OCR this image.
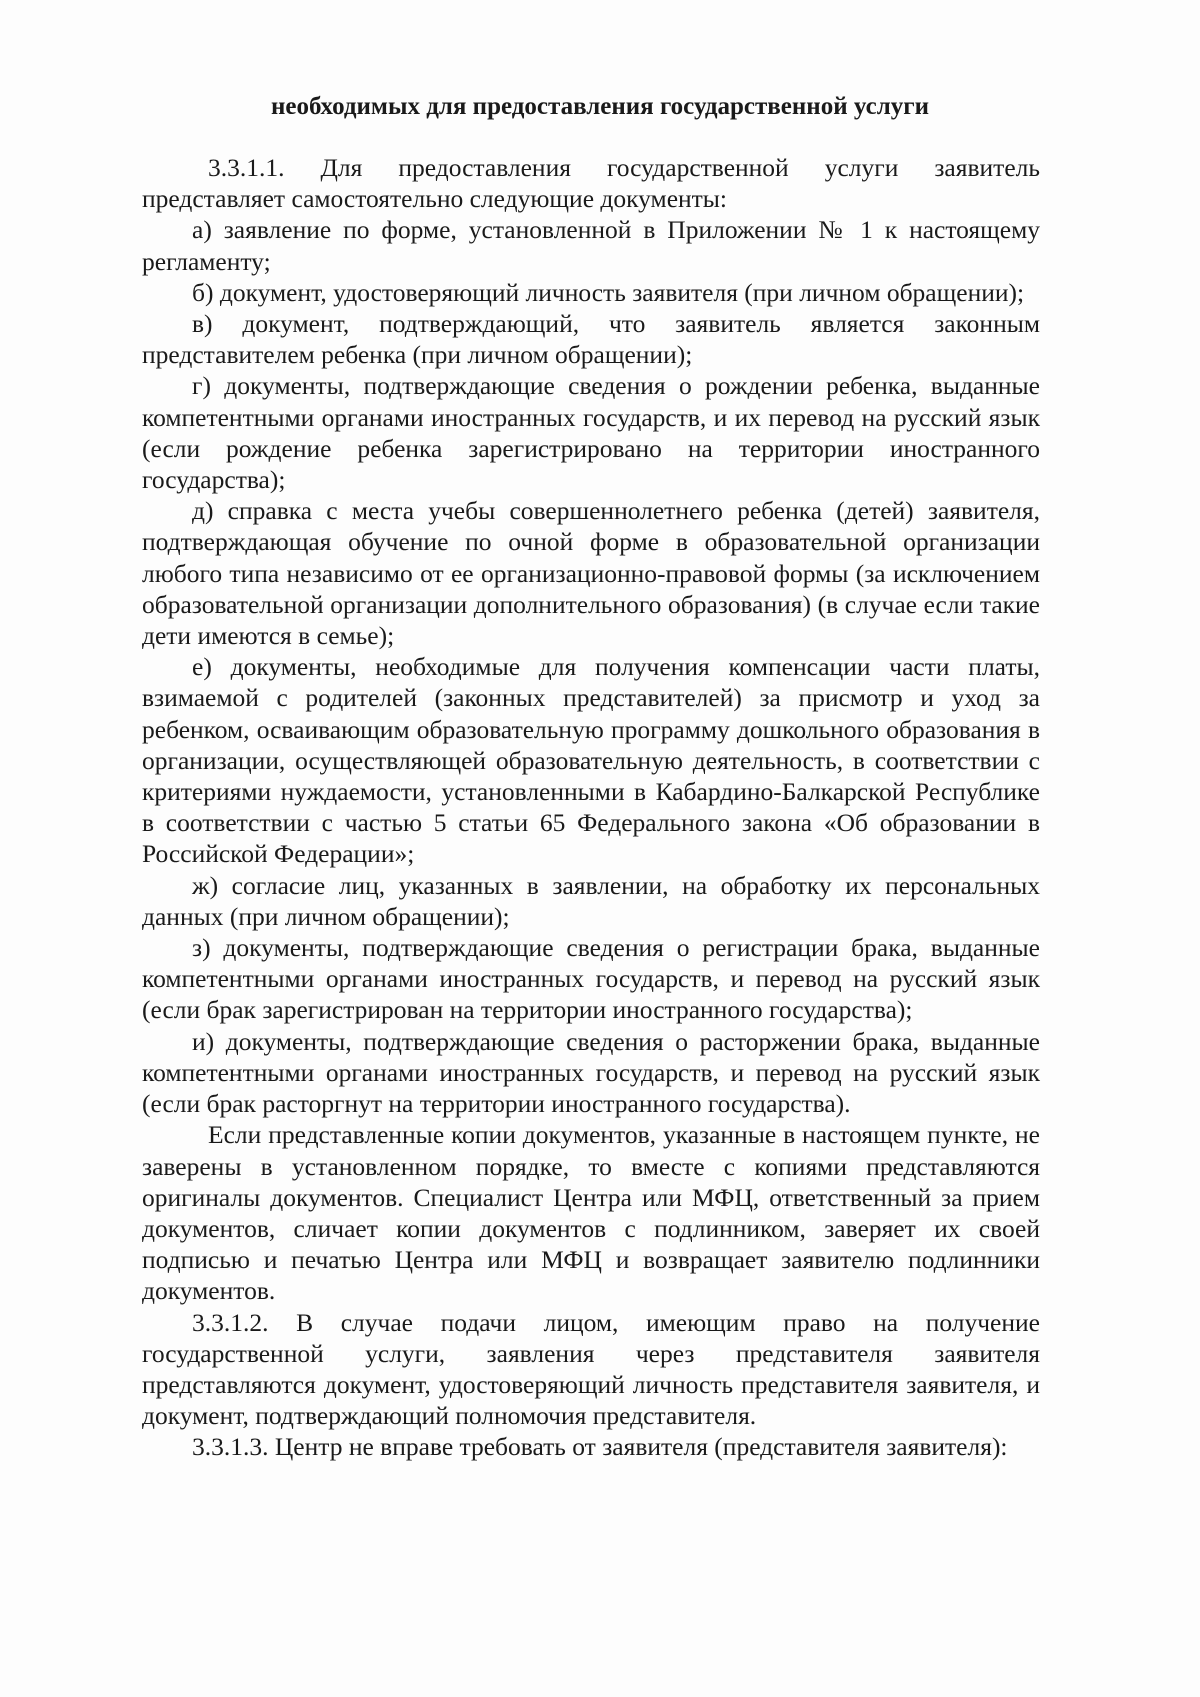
необходимых для предоставления государственной услуги

3.3.1.1. Для предоставления государственной услуги заявитель представляет самостоятельно следующие документы:

а) заявление по форме, установленной в Приложении № 1 к настоящему регламенту;

б) документ, удостоверяющий личность заявителя (при личном обращении);

в) документ, подтверждающий, что заявитель является законным представителем ребенка (при личном обращении);

г) документы, подтверждающие сведения о рождении ребенка, выданные компетентными органами иностранных государств, и их перевод на русский язык (если рождение ребенка зарегистрировано на территории иностранного государства);

д) справка с места учебы совершеннолетнего ребенка (детей) заявителя, подтверждающая обучение по очной форме в образовательной организации любого типа независимо от ее организационно-правовой формы (за исключением образовательной организации дополнительного образования) (в случае если такие дети имеются в семье);

е) документы, необходимые для получения компенсации части платы, взимаемой с родителей (законных представителей) за присмотр и уход за ребенком, осваивающим образовательную программу дошкольного образования в организации, осуществляющей образовательную деятельность, в соответствии с критериями нуждаемости, установленными в Кабардино-Балкарской Республике в соответствии с частью 5 статьи 65 Федерального закона «Об образовании в Российской Федерации»;

ж) согласие лиц, указанных в заявлении, на обработку их персональных данных (при личном обращении);

з) документы, подтверждающие сведения о регистрации брака, выданные компетентными органами иностранных государств, и перевод на русский язык (если брак зарегистрирован на территории иностранного государства);

и) документы, подтверждающие сведения о расторжении брака, выданные компетентными органами иностранных государств, и перевод на русский язык (если брак расторгнут на территории иностранного государства).

Если представленные копии документов, указанные в настоящем пункте, не заверены в установленном порядке, то вместе с копиями представляются оригиналы документов. Специалист Центра или МФЦ, ответственный за прием документов, сличает копии документов с подлинником, заверяет их своей подписью и печатью Центра или МФЦ и возвращает заявителю подлинники документов.

3.3.1.2. В случае подачи лицом, имеющим право на получение государственной услуги, заявления через представителя заявителя представляются документ, удостоверяющий личность представителя заявителя, и документ, подтверждающий полномочия представителя.

3.3.1.3. Центр не вправе требовать от заявителя (представителя заявителя):
